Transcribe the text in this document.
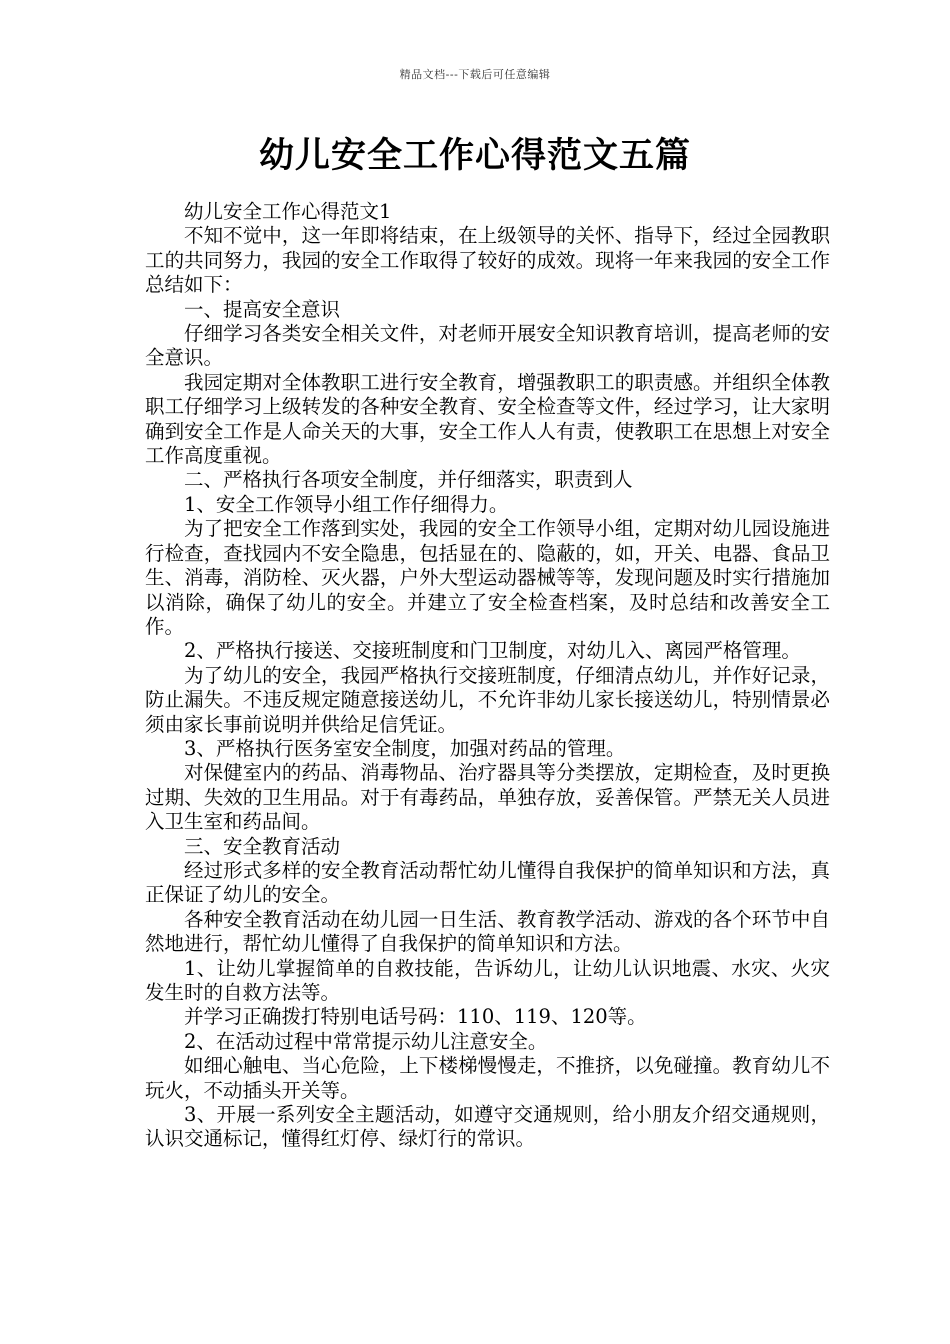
精品文档---下载后可任意编辑
幼儿安全工作心得范文五篇

幼儿安全工作心得范文1

不知不觉中，这一年即将结束，在上级领导的关怀、指导下，经过全园教职工的共同努力，我园的安全工作取得了较好的成效。现将一年来我园的安全工作总结如下：

一、提高安全意识

仔细学习各类安全相关文件，对老师开展安全知识教育培训，提高老师的安全意识。

我园定期对全体教职工进行安全教育，增强教职工的职责感。并组织全体教职工仔细学习上级转发的各种安全教育、安全检查等文件，经过学习，让大家明确到安全工作是人命关天的大事，安全工作人人有责，使教职工在思想上对安全工作高度重视。

二、严格执行各项安全制度，并仔细落实，职责到人

1、安全工作领导小组工作仔细得力。

为了把安全工作落到实处，我园的安全工作领导小组，定期对幼儿园设施进行检查，查找园内不安全隐患，包括显在的、隐蔽的，如，开关、电器、食品卫生、消毒，消防栓、灭火器，户外大型运动器械等等，发现问题及时实行措施加以消除，确保了幼儿的安全。并建立了安全检查档案，及时总结和改善安全工作。

2、严格执行接送、交接班制度和门卫制度，对幼儿入、离园严格管理。

为了幼儿的安全，我园严格执行交接班制度，仔细清点幼儿，并作好记录，防止漏失。不违反规定随意接送幼儿，不允许非幼儿家长接送幼儿，特别情景必须由家长事前说明并供给足信凭证。

3、严格执行医务室安全制度，加强对药品的管理。

对保健室内的药品、消毒物品、治疗器具等分类摆放，定期检查，及时更换过期、失效的卫生用品。对于有毒药品，单独存放，妥善保管。严禁无关人员进入卫生室和药品间。

三、安全教育活动

经过形式多样的安全教育活动帮忙幼儿懂得自我保护的简单知识和方法，真正保证了幼儿的安全。

各种安全教育活动在幼儿园一日生活、教育教学活动、游戏的各个环节中自然地进行，帮忙幼儿懂得了自我保护的简单知识和方法。

1、让幼儿掌握简单的自救技能，告诉幼儿，让幼儿认识地震、水灾、火灾发生时的自救方法等。

并学习正确拨打特别电话号码：110、119、120等。

2、在活动过程中常常提示幼儿注意安全。

如细心触电、当心危险，上下楼梯慢慢走，不推挤，以免碰撞。教育幼儿不玩火，不动插头开关等。

3、开展一系列安全主题活动，如遵守交通规则，给小朋友介绍交通规则，认识交通标记，懂得红灯停、绿灯行的常识。
